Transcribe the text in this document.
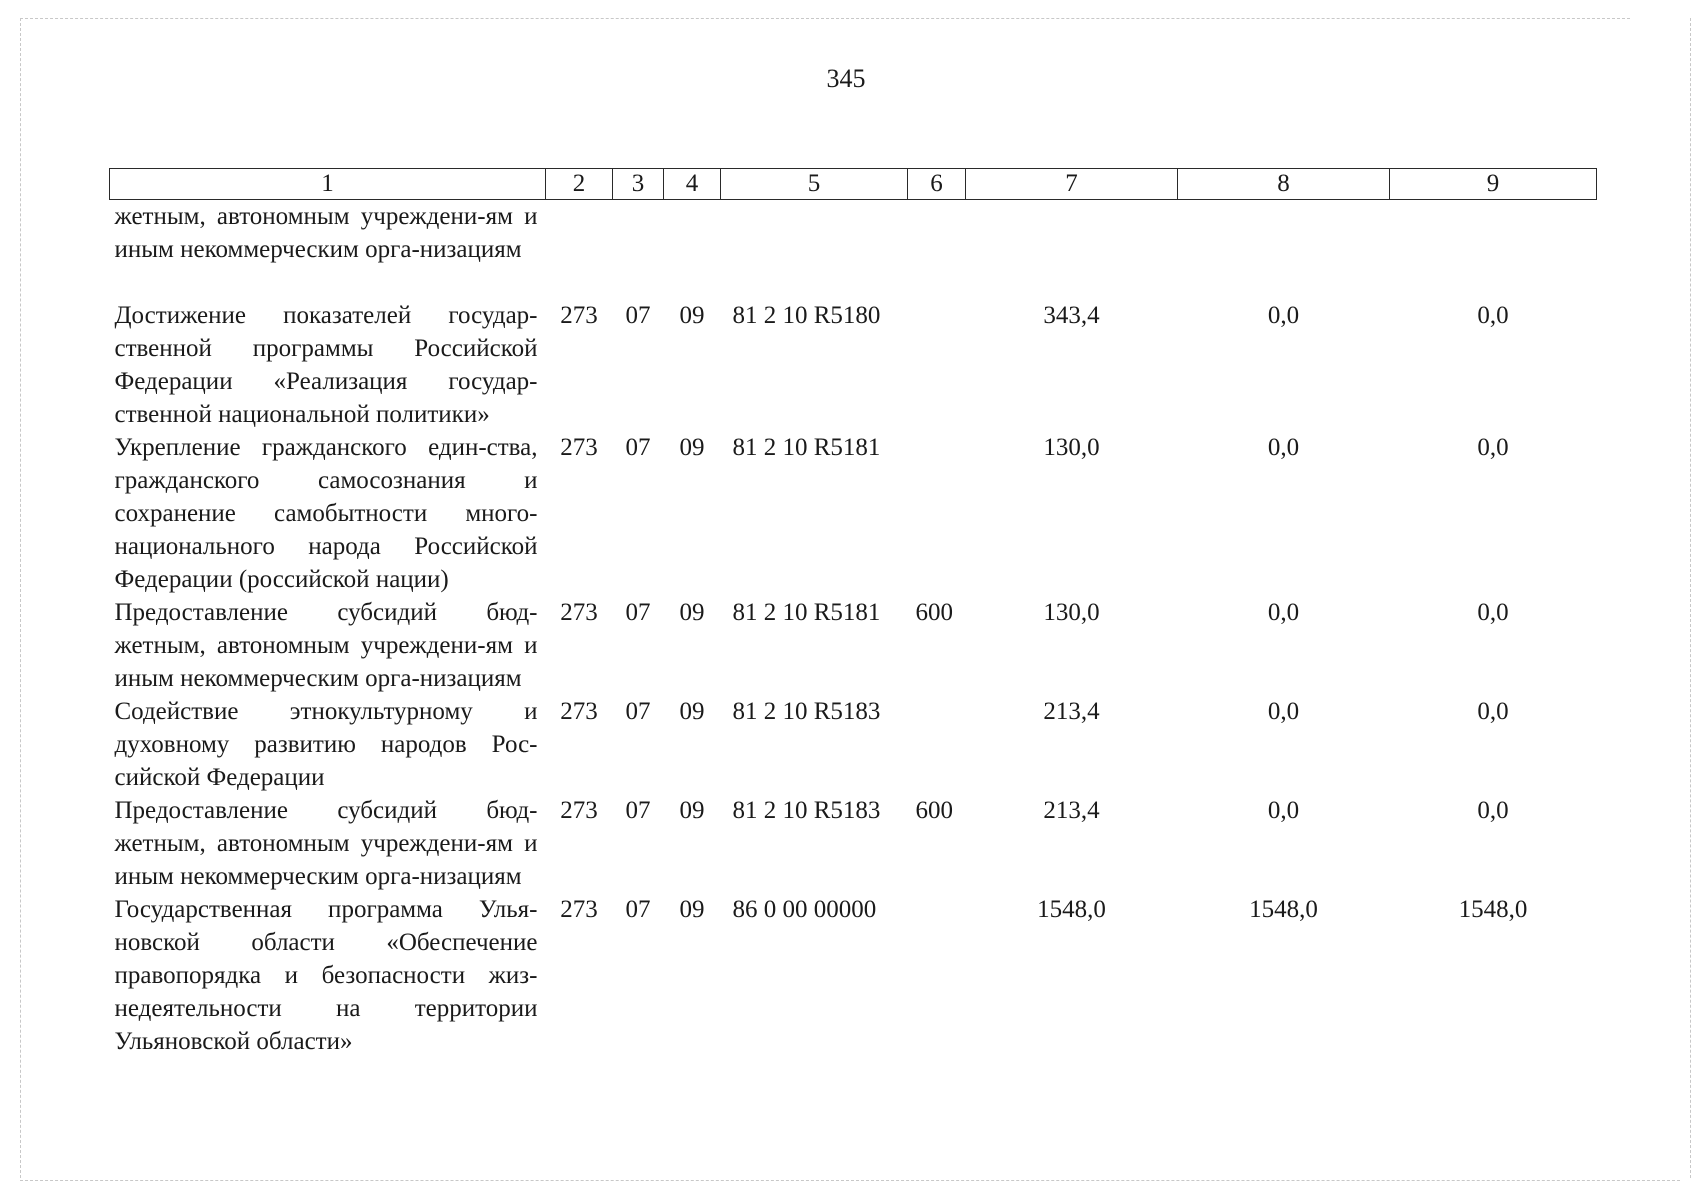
345
1	2	3	4	5	6	7	8	9
жетным, автономным учреждени-ям и иным некоммерческим орга-низациям								
Достижение показателей государ-ственной программы Российской Федерации «Реализация государ-ственной национальной политики»	273	07	09	81 2 10 R5180		343,4	0,0	0,0
Укрепление гражданского един-ства, гражданского самосознания и сохранение самобытности много-национального народа Российской Федерации (российской нации)	273	07	09	81 2 10 R5181		130,0	0,0	0,0
Предоставление субсидий бюд-жетным, автономным учреждени-ям и иным некоммерческим орга-низациям	273	07	09	81 2 10 R5181	600	130,0	0,0	0,0
Содействие этнокультурному и духовному развитию народов Рос-сийской Федерации	273	07	09	81 2 10 R5183		213,4	0,0	0,0
Предоставление субсидий бюд-жетным, автономным учреждени-ям и иным некоммерческим орга-низациям	273	07	09	81 2 10 R5183	600	213,4	0,0	0,0
Государственная программа Улья-новской области «Обеспечение правопорядка и безопасности жиз-недеятельности на территории Ульяновской области»	273	07	09	86 0 00 00000		1548,0	1548,0	1548,0
